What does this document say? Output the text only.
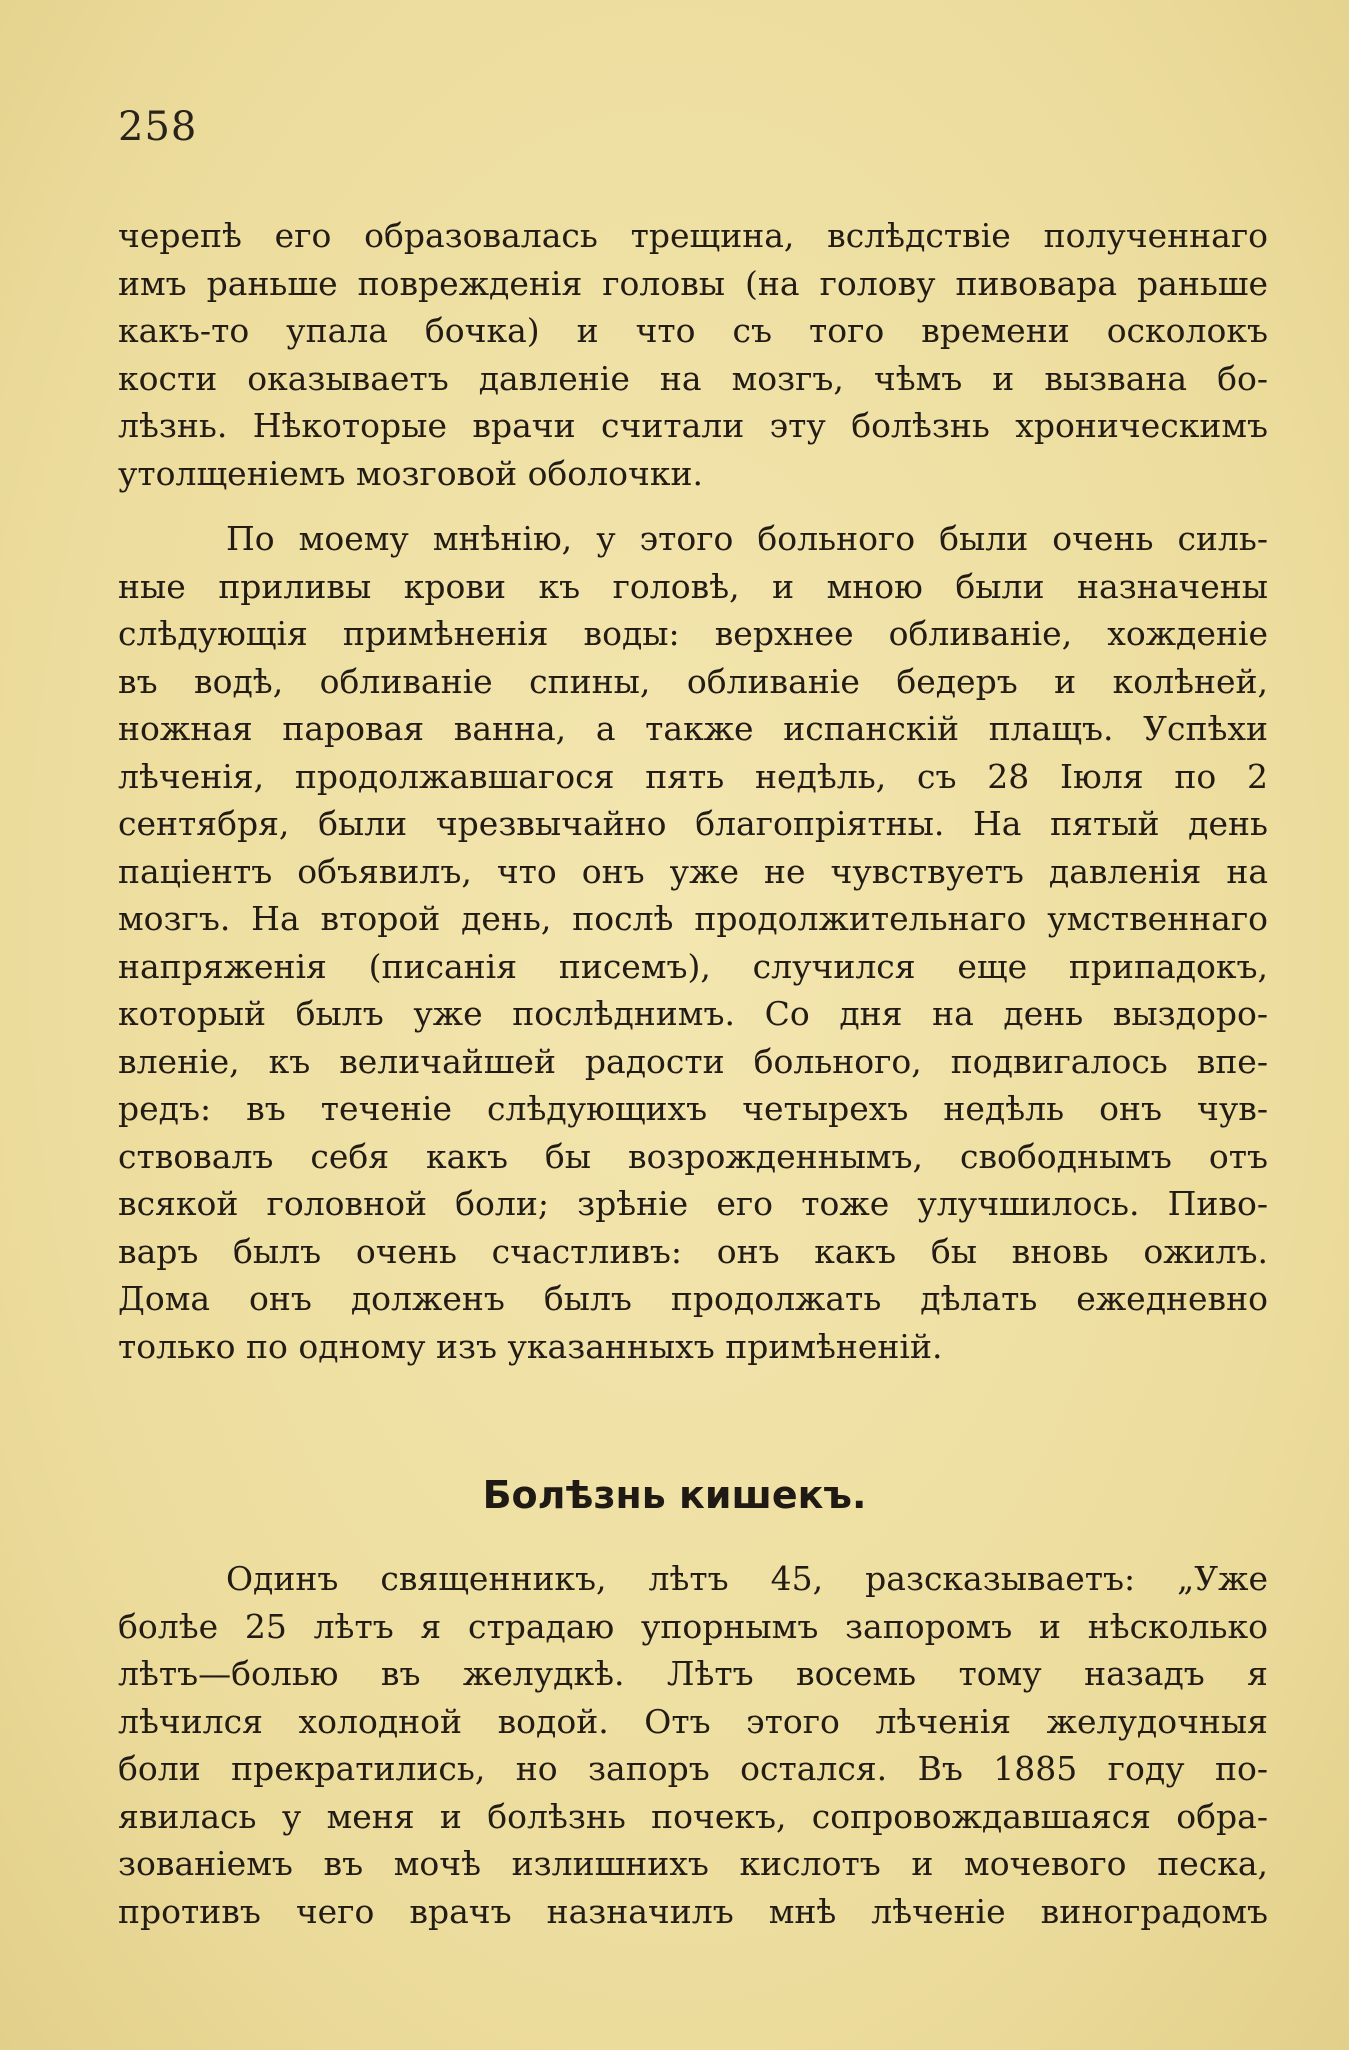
258
черепѣ его образовалась трещина, вслѣдствіе полученнаго
имъ раньше поврежденія головы (на голову пивовара раньше
какъ-то упала бочка) и что съ того времени осколокъ
кости оказываетъ давленіе на мозгъ, чѣмъ и вызвана бо-
лѣзнь. Нѣкоторые врачи считали эту болѣзнь хроническимъ
утолщеніемъ мозговой оболочки.
По моему мнѣнію, у этого больного были очень силь-
ные приливы крови къ головѣ, и мною были назначены
слѣдующія примѣненія воды: верхнее обливаніе, хожденіе
въ водѣ, обливаніе спины, обливаніе бедеръ и колѣней,
ножная паровая ванна, а также испанскій плащъ. Успѣхи
лѣченія, продолжавшагося пять недѣль, съ 28 Іюля по 2
сентября, были чрезвычайно благопріятны. На пятый день
паціентъ объявилъ, что онъ уже не чувствуетъ давленія на
мозгъ. На второй день, послѣ продолжительнаго умственнаго
напряженія (писанія писемъ), случился еще припадокъ,
который былъ уже послѣднимъ. Со дня на день выздоро-
вленіе, къ величайшей радости больного, подвигалось впе-
редъ: въ теченіе слѣдующихъ четырехъ недѣль онъ чув-
ствовалъ себя какъ бы возрожденнымъ, свободнымъ отъ
всякой головной боли; зрѣніе его тоже улучшилось. Пиво-
варъ былъ очень счастливъ: онъ какъ бы вновь ожилъ.
Дома онъ долженъ былъ продолжать дѣлать ежедневно
только по одному изъ указанныхъ примѣненій.
Болѣзнь кишекъ.
Одинъ священникъ, лѣтъ 45, разсказываетъ: „Уже
болѣе 25 лѣтъ я страдаю упорнымъ запоромъ и нѣсколько
лѣтъ—болью въ желудкѣ. Лѣтъ восемь тому назадъ я
лѣчился холодной водой. Отъ этого лѣченія желудочныя
боли прекратились, но запоръ остался. Въ 1885 году по-
явилась у меня и болѣзнь почекъ, сопровождавшаяся обра-
зованіемъ въ мочѣ излишнихъ кислотъ и мочевого песка,
противъ чего врачъ назначилъ мнѣ лѣченіе виноградомъ
